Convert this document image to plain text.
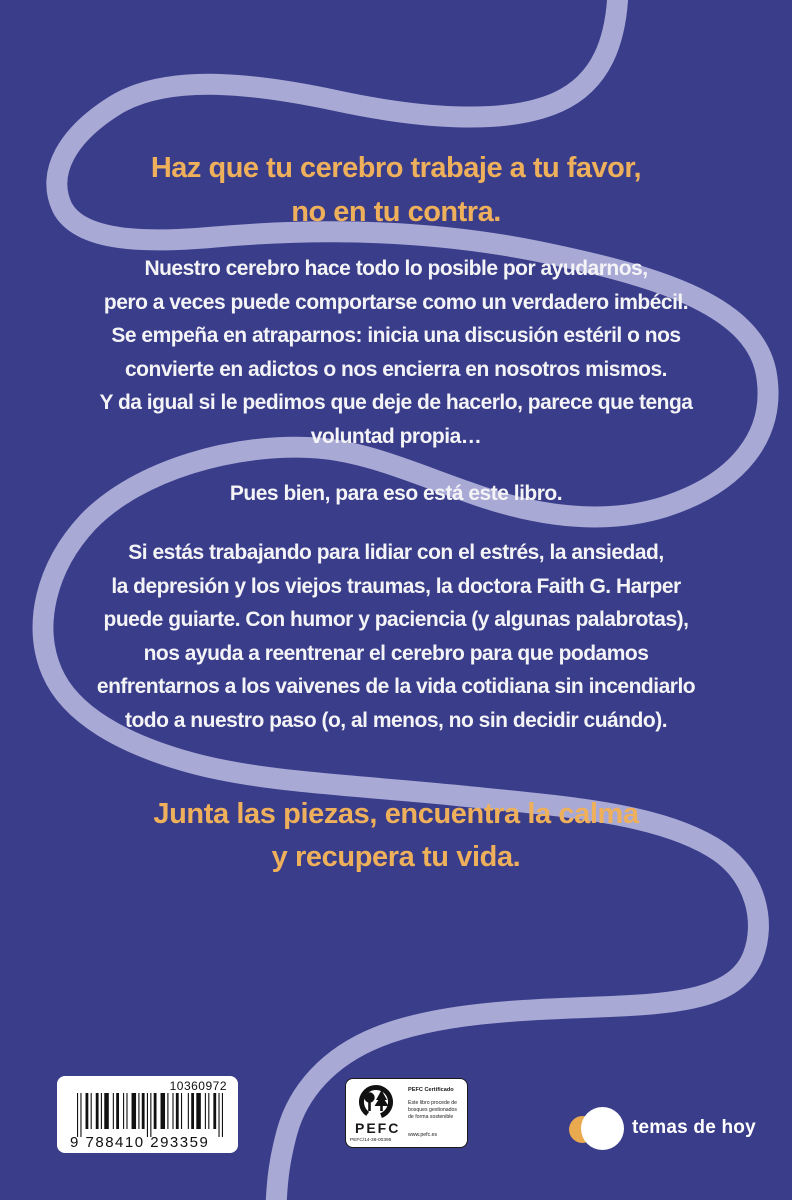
Haz que tu cerebro trabaje a tu favor,
no en tu contra.
Nuestro cerebro hace todo lo posible por ayudarnos,
pero a veces puede comportarse como un verdadero imbécil.
Se empeña en atraparnos: inicia una discusión estéril o nos
convierte en adictos o nos encierra en nosotros mismos.
Y da igual si le pedimos que deje de hacerlo, parece que tenga
voluntad propia…
Pues bien, para eso está este libro.
Si estás trabajando para lidiar con el estrés, la ansiedad,
la depresión y los viejos traumas, la doctora Faith G. Harper
puede guiarte. Con humor y paciencia (y algunas palabrotas),
nos ayuda a reentrenar el cerebro para que podamos
enfrentarnos a los vaivenes de la vida cotidiana sin incendiarlo
todo a nuestro paso (o, al menos, no sin decidir cuándo).
Junta las piezas, encuentra la calma
y recupera tu vida.
10360972
9 788410 293359
PEFC
PEFC/14-38-00395
PEFC Certificado
Este libro procede de
bosques gestionados
de forma sostenible
www.pefc.es	temas de hoy
